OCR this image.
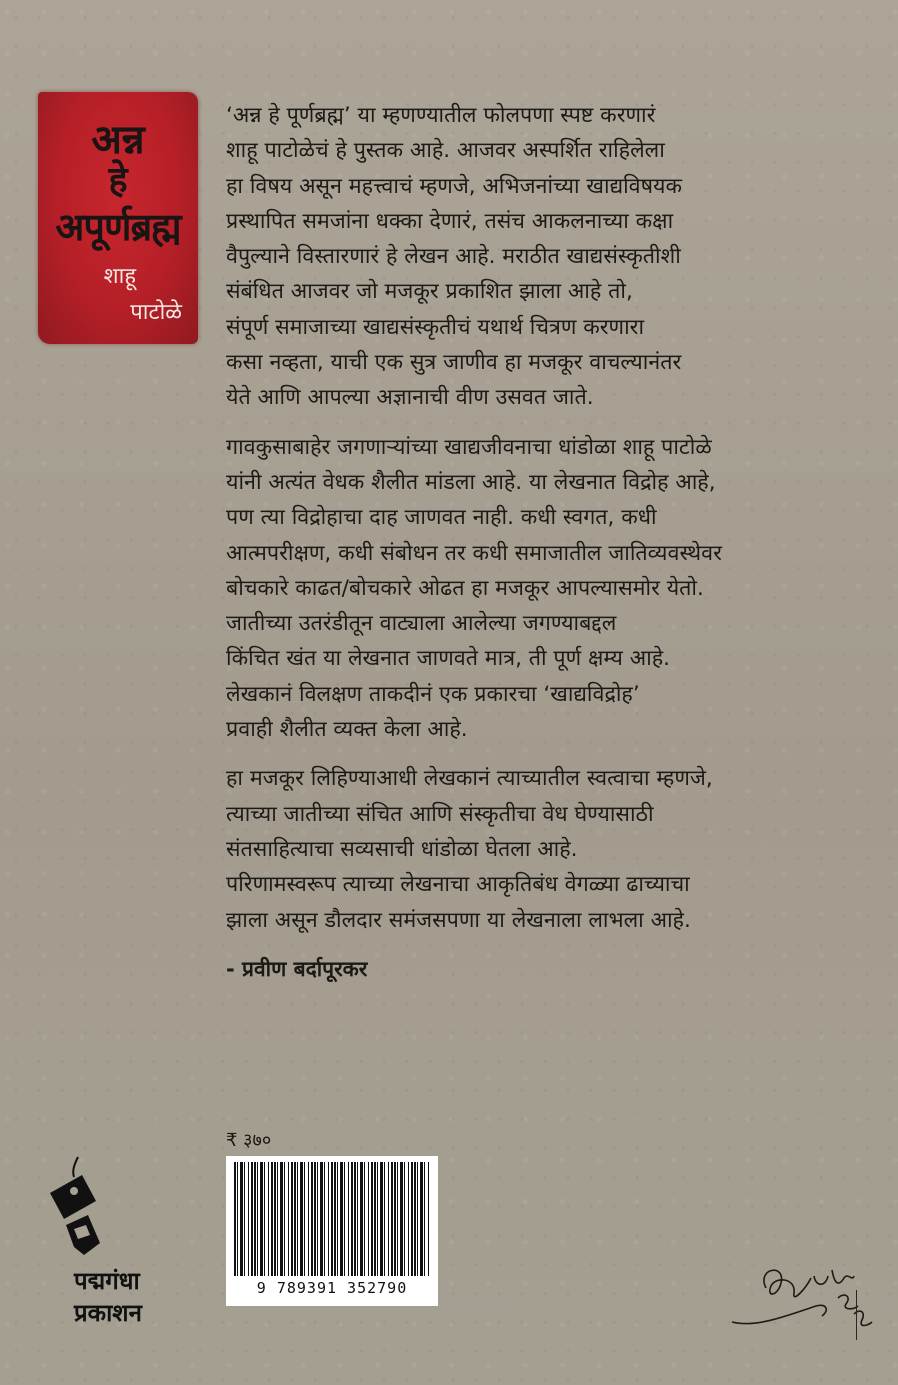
अन्न
हे
अपूर्णब्रह्म
शाहू
पाटोळे

‘अन्न हे पूर्णब्रह्म’ या म्हणण्यातील फोलपणा स्पष्ट करणारं
शाहू पाटोळेचं हे पुस्तक आहे. आजवर अस्पर्शित राहिलेला
हा विषय असून महत्त्वाचं म्हणजे, अभिजनांच्या खाद्यविषयक
प्रस्थापित समजांना धक्का देणारं, तसंच आकलनाच्या कक्षा
वैपुल्याने विस्तारणारं हे लेखन आहे. मराठीत खाद्यसंस्कृतीशी
संबंधित आजवर जो मजकूर प्रकाशित झाला आहे तो,
संपूर्ण समाजाच्या खाद्यसंस्कृतीचं यथार्थ चित्रण करणारा
कसा नव्हता, याची एक सुत्र जाणीव हा मजकूर वाचल्यानंतर
येते आणि आपल्या अज्ञानाची वीण उसवत जाते.

गावकुसाबाहेर जगणाऱ्यांच्या खाद्यजीवनाचा धांडोळा शाहू पाटोळे
यांनी अत्यंत वेधक शैलीत मांडला आहे. या लेखनात विद्रोह आहे,
पण त्या विद्रोहाचा दाह जाणवत नाही. कधी स्वगत, कधी
आत्मपरीक्षण, कधी संबोधन तर कधी समाजातील जातिव्यवस्थेवर
बोचकारे काढत/बोचकारे ओढत हा मजकूर आपल्यासमोर येतो.
जातीच्या उतरंडीतून वाट्याला आलेल्या जगण्याबद्दल
किंचित खंत या लेखनात जाणवते मात्र, ती पूर्ण क्षम्य आहे.
लेखकानं विलक्षण ताकदीनं एक प्रकारचा ‘खाद्यविद्रोह’
प्रवाही शैलीत व्यक्त केला आहे.

हा मजकूर लिहिण्याआधी लेखकानं त्याच्यातील स्वत्वाचा म्हणजे,
त्याच्या जातीच्या संचित आणि संस्कृतीचा वेध घेण्यासाठी
संतसाहित्याचा सव्यसाची धांडोळा घेतला आहे.
परिणामस्वरूप त्याच्या लेखनाचा आकृतिबंध वेगळ्या ढाच्याचा
झाला असून डौलदार समंजसपणा या लेखनाला लाभला आहे.

- प्रवीण बर्दापूरकर
₹ ३७०
9 789391 352790
पद्मगंधा
प्रकाशन
